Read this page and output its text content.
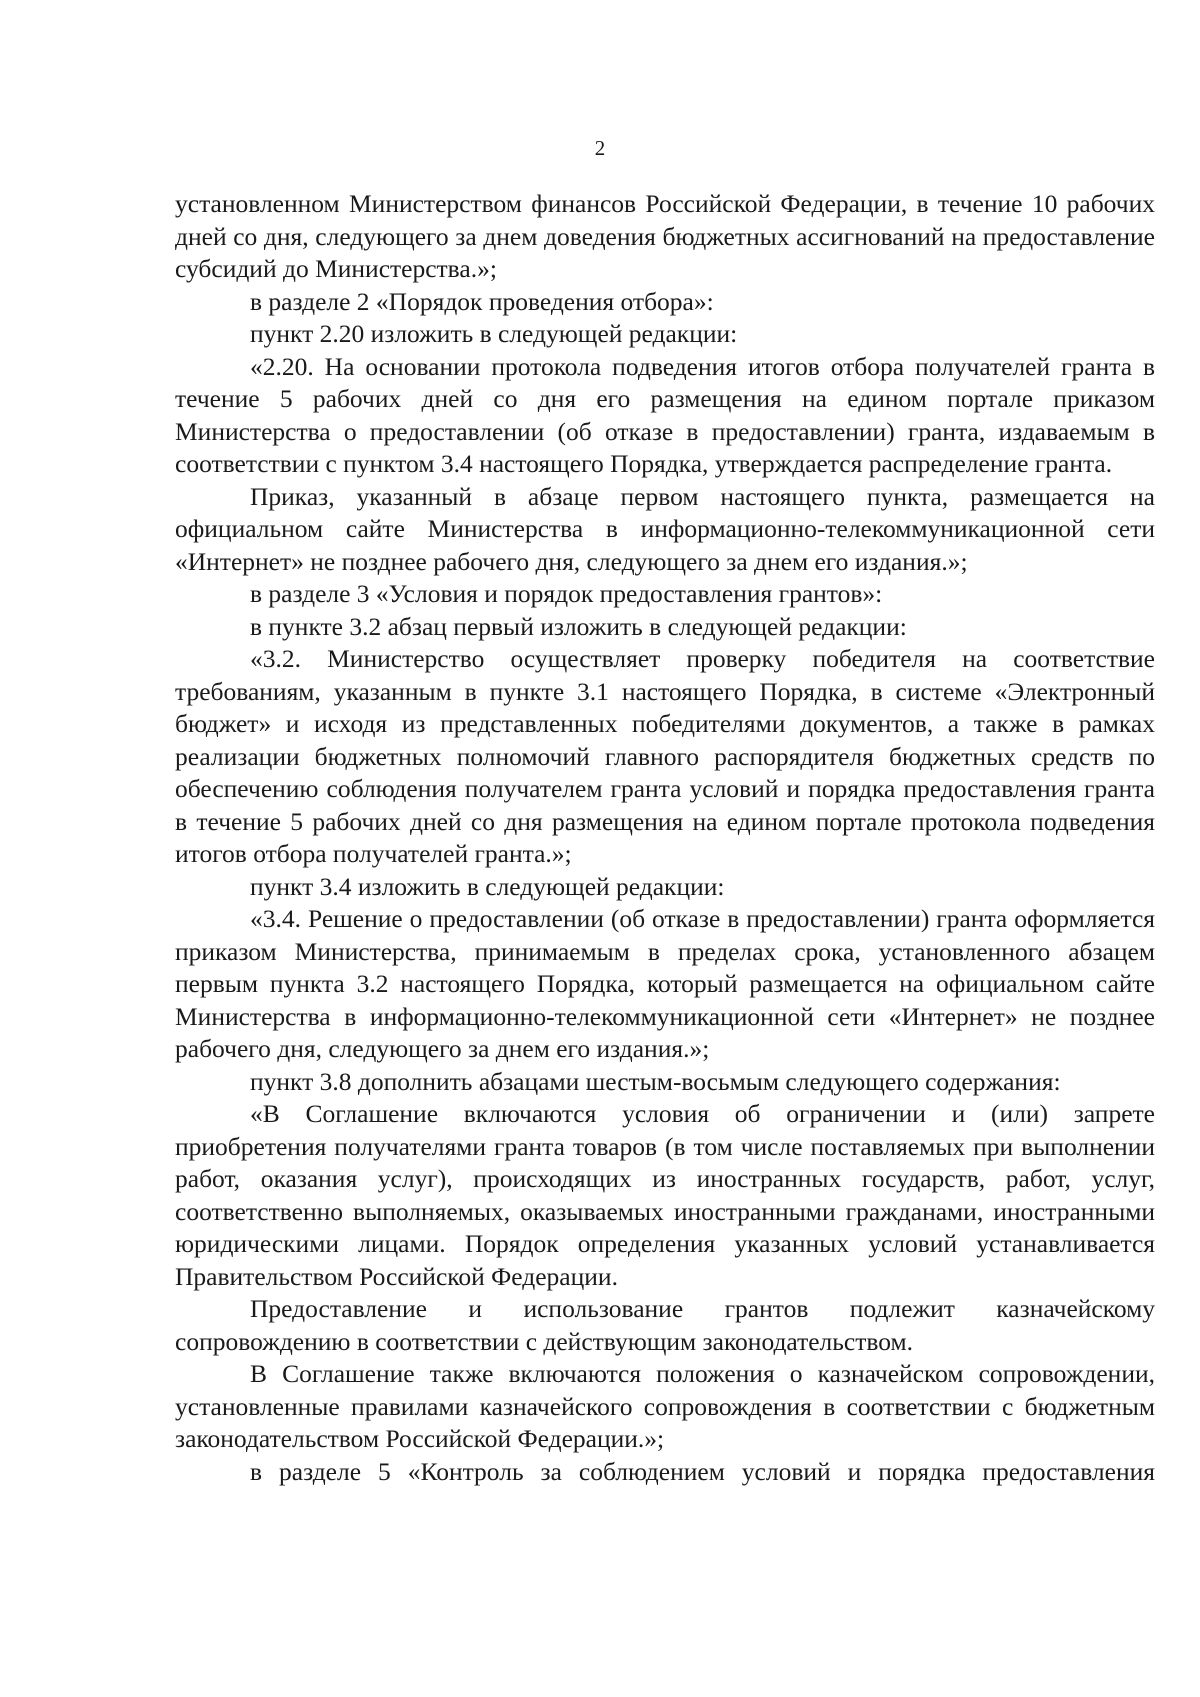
2

установленном Министерством финансов Российской Федерации, в течение 10 рабочих дней со дня, следующего за днем доведения бюджетных ассигнований на предоставление субсидий до Министерства.»;

в разделе 2 «Порядок проведения отбора»:

пункт 2.20 изложить в следующей редакции:

«2.20. На основании протокола подведения итогов отбора получателей гранта в течение 5 рабочих дней со дня его размещения на едином портале приказом Министерства о предоставлении (об отказе в предоставлении) гранта, издаваемым в соответствии с пунктом 3.4 настоящего Порядка, утверждается распределение гранта.

Приказ, указанный в абзаце первом настоящего пункта, размещается на официальном сайте Министерства в информационно-телекоммуникационной сети «Интернет» не позднее рабочего дня, следующего за днем его издания.»;

в разделе 3 «Условия и порядок предоставления грантов»:

в пункте 3.2 абзац первый изложить в следующей редакции:

«3.2. Министерство осуществляет проверку победителя на соответствие требованиям, указанным в пункте 3.1 настоящего Порядка, в системе «Электронный бюджет» и исходя из представленных победителями документов, а также в рамках реализации бюджетных полномочий главного распорядителя бюджетных средств по обеспечению соблюдения получателем гранта условий и порядка предоставления гранта в течение 5 рабочих дней со дня размещения на едином портале протокола подведения итогов отбора получателей гранта.»;

пункт 3.4 изложить в следующей редакции:

«3.4. Решение о предоставлении (об отказе в предоставлении) гранта оформляется приказом Министерства, принимаемым в пределах срока, установленного абзацем первым пункта 3.2 настоящего Порядка, который размещается на официальном сайте Министерства в информационно-телекоммуникационной сети «Интернет» не позднее рабочего дня, следующего за днем его издания.»;

пункт 3.8 дополнить абзацами шестым-восьмым следующего содержания:

«В Соглашение включаются условия об ограничении и (или) запрете приобретения получателями гранта товаров (в том числе поставляемых при выполнении работ, оказания услуг), происходящих из иностранных государств, работ, услуг, соответственно выполняемых, оказываемых иностранными гражданами, иностранными юридическими лицами. Порядок определения указанных условий устанавливается Правительством Российской Федерации.

Предоставление и использование грантов подлежит казначейскому сопровождению в соответствии с действующим законодательством.

В Соглашение также включаются положения о казначейском сопровождении, установленные правилами казначейского сопровождения в соответствии с бюджетным законодательством Российской Федерации.»;

в разделе 5 «Контроль за соблюдением условий и порядка предоставления
